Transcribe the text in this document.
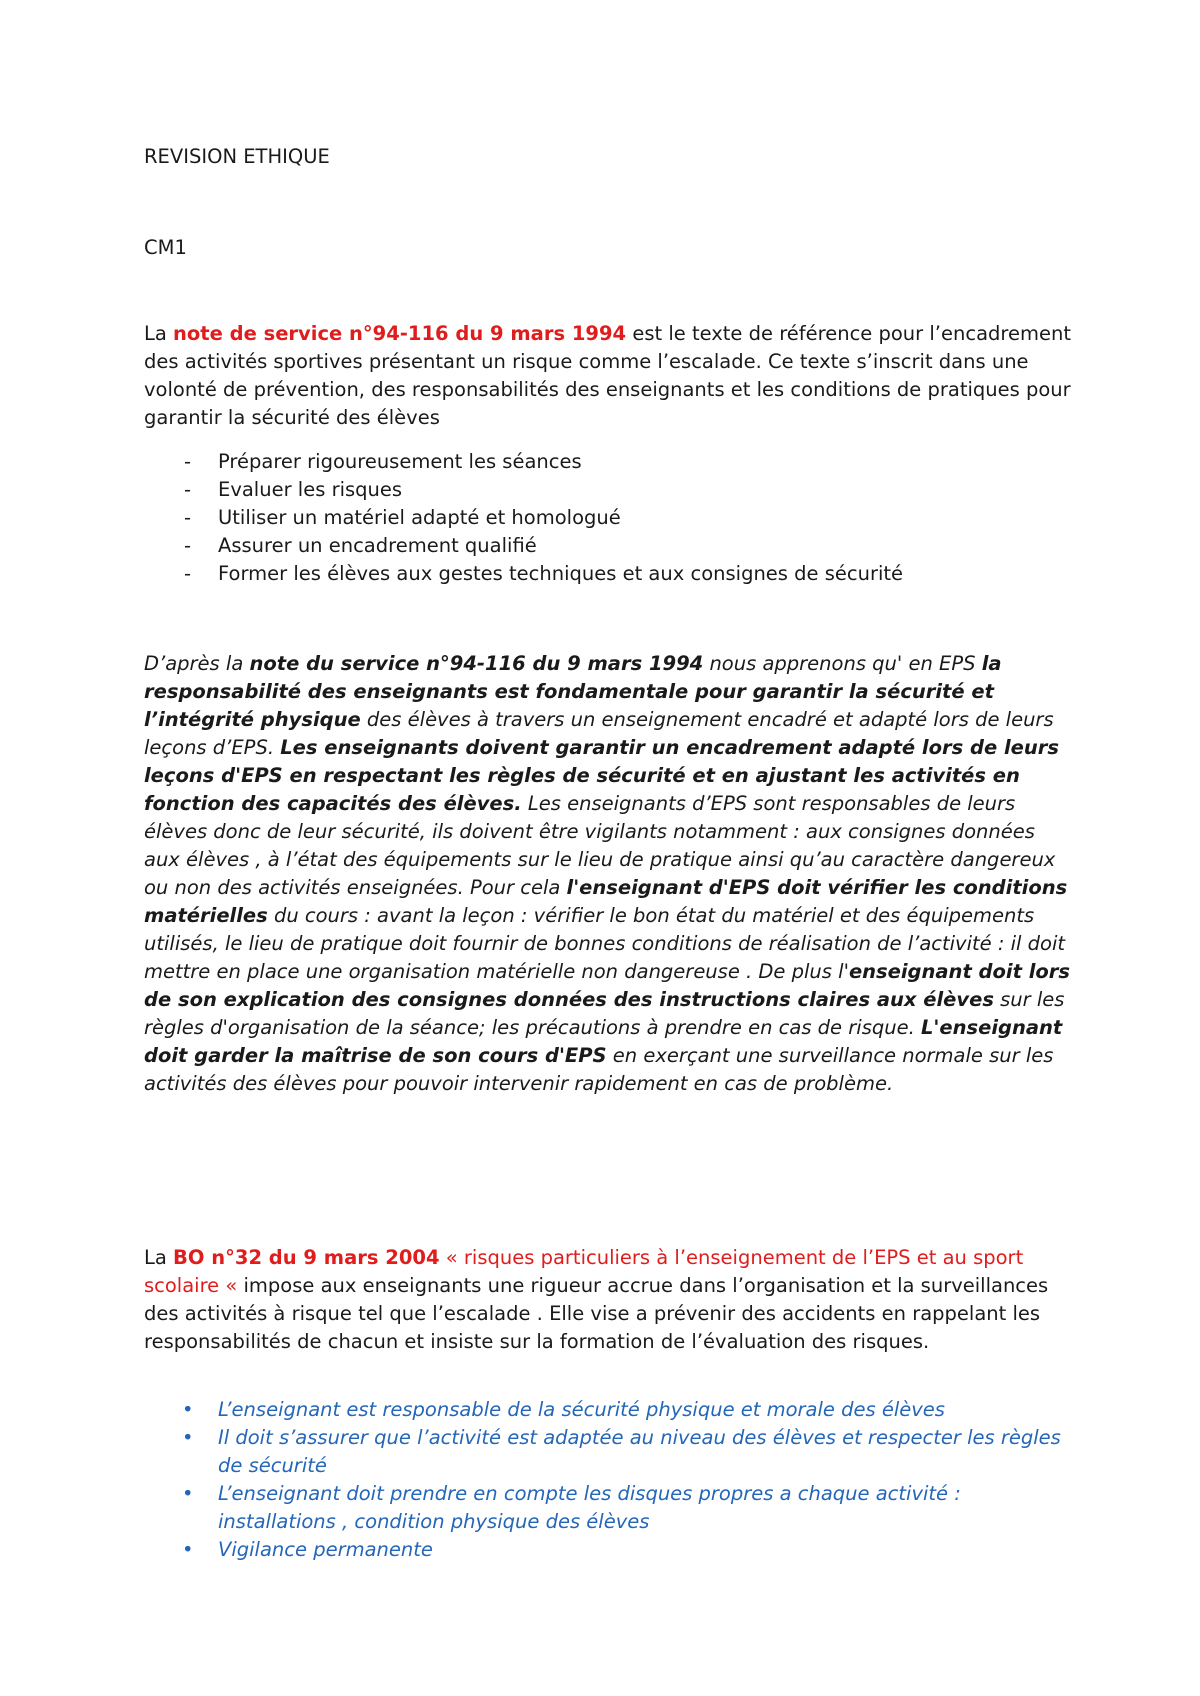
REVISION ETHIQUE
CM1

La note de service n°94-116 du 9 mars 1994 est le texte de référence pour l’encadrement des activités sportives présentant un risque comme l’escalade. Ce texte s’inscrit dans une volonté de prévention, des responsabilités des enseignants et les conditions de pratiques pour garantir la sécurité des élèves

- Préparer rigoureusement les séances
- Evaluer les risques
- Utiliser un matériel adapté et homologué
- Assurer un encadrement qualifié
- Former les élèves aux gestes techniques et aux consignes de sécurité

D’après la note du service n°94-116 du 9 mars 1994 nous apprenons qu' en EPS la responsabilité des enseignants est fondamentale pour garantir la sécurité et l’intégrité physique des élèves à travers un enseignement encadré et adapté lors de leurs leçons d’EPS. Les enseignants doivent garantir un encadrement adapté lors de leurs leçons d'EPS en respectant les règles de sécurité et en ajustant les activités en fonction des capacités des élèves. Les enseignants d’EPS sont responsables de leurs élèves donc de leur sécurité, ils doivent être vigilants notamment : aux consignes données aux élèves , à l’état des équipements sur le lieu de pratique ainsi qu’au caractère dangereux ou non des activités enseignées. Pour cela l'enseignant d'EPS doit vérifier les conditions matérielles du cours : avant la leçon : vérifier le bon état du matériel et des équipements utilisés, le lieu de pratique doit fournir de bonnes conditions de réalisation de l’activité : il doit mettre en place une organisation matérielle non dangereuse . De plus l'enseignant doit lors de son explication des consignes données des instructions claires aux élèves sur les règles d'organisation de la séance; les précautions à prendre en cas de risque. L'enseignant doit garder la maîtrise de son cours d'EPS en exerçant une surveillance normale sur les activités des élèves pour pouvoir intervenir rapidement en cas de problème.

La BO n°32 du 9 mars 2004 « risques particuliers à l’enseignement de l’EPS et au sport scolaire « impose aux enseignants une rigueur accrue dans l’organisation et la surveillances des activités à risque tel que l’escalade . Elle vise a prévenir des accidents en rappelant les responsabilités de chacun et insiste sur la formation de l’évaluation des risques.

• L’enseignant est responsable de la sécurité physique et morale des élèves
• Il doit s’assurer que l’activité est adaptée au niveau des élèves et respecter les règles de sécurité
• L’enseignant doit prendre en compte les disques propres a chaque activité : installations , condition physique des élèves
• Vigilance permanente
